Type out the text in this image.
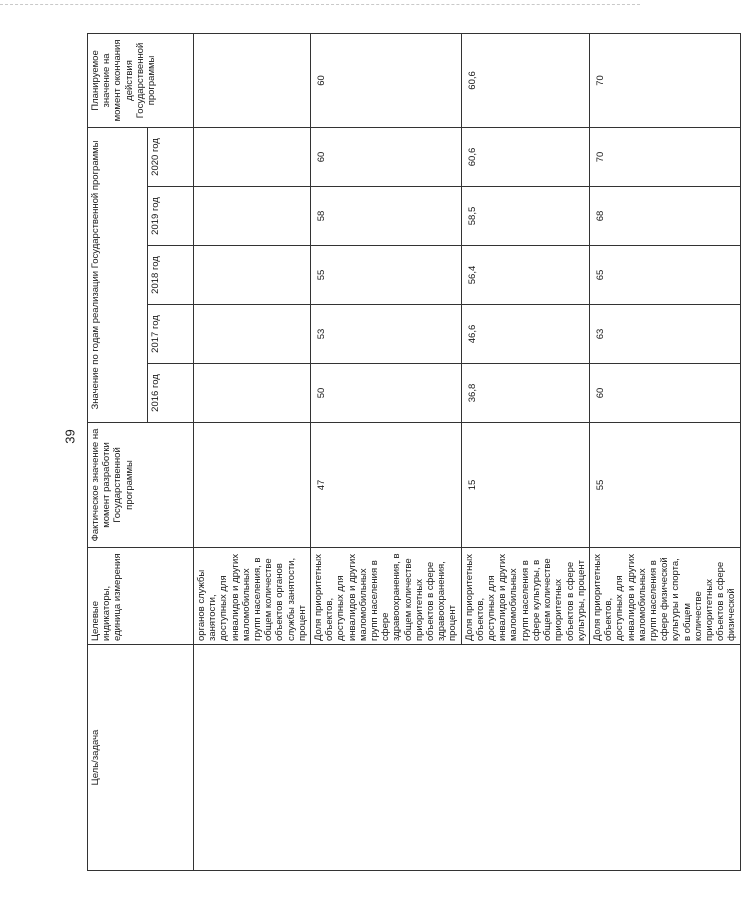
39
Цель/задача	Целевые индикаторы, единица измерения	Фактическое значение на момент разработки Государственной программы	Значение по годам реализации Государственной программы					Планируемое значение на момент окончания действия Государственной программы
			2016 год	2017 год	2018 год	2019 год	2020 год	
	органов службы занятости, доступных для инвалидов и других маломобильных групп населения, в общем количестве объектов органов службы занятости, процент							
	Доля приоритетных объектов, доступных для инвалидов и других маломобильных групп населения в сфере здравоохранения, в общем количестве приоритетных объектов в сфере здравоохранения, процент	47	50	53	55	58	60	60
	Доля приоритетных объектов, доступных для инвалидов и других маломобильных групп населения в сфере культуры, в общем количестве приоритетных объектов в сфере культуры, процент	15	36,8	46,6	56,4	58,5	60,6	60,6
	Доля приоритетных объектов, доступных для инвалидов и других маломобильных групп населения в сфере физической культуры и спорта, в общем количестве приоритетных объектов в сфере физической	55	60	63	65	68	70	70
